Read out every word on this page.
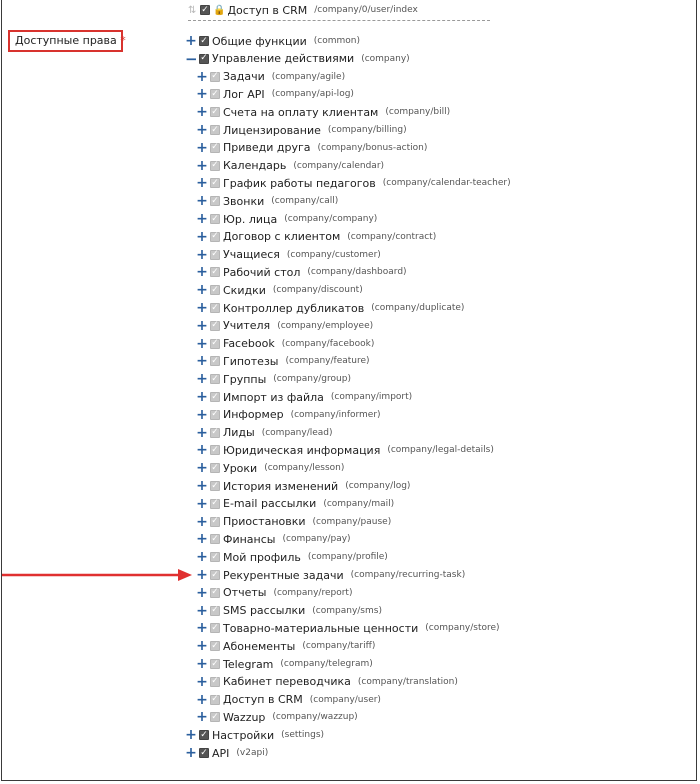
⇅ ✓ 🔒 Доступ в CRM /company/0/user/index
Доступные права *	+ ✓ Общие функции (common)
− ✓ Управление действиями (company)
+ ✓ Задачи (company/agile)
+ ✓ Лог API (company/api-log)
+ ✓ Счета на оплату клиентам (company/bill)
+ ✓ Лицензирование (company/billing)
+ ✓ Приведи друга (company/bonus-action)
+ ✓ Календарь (company/calendar)
+ ✓ График работы педагогов (company/calendar-teacher)
+ ✓ Звонки (company/call)
+ ✓ Юр. лица (company/company)
+ ✓ Договор с клиентом (company/contract)
+ ✓ Учащиеся (company/customer)
+ ✓ Рабочий стол (company/dashboard)
+ ✓ Скидки (company/discount)
+ ✓ Контроллер дубликатов (company/duplicate)
+ ✓ Учителя (company/employee)
+ ✓ Facebook (company/facebook)
+ ✓ Гипотезы (company/feature)
+ ✓ Группы (company/group)
+ ✓ Импорт из файла (company/import)
+ ✓ Информер (company/informer)
+ ✓ Лиды (company/lead)
+ ✓ Юридическая информация (company/legal-details)
+ ✓ Уроки (company/lesson)
+ ✓ История изменений (company/log)
+ ✓ E-mail рассылки (company/mail)
+ ✓ Приостановки (company/pause)
+ ✓ Финансы (company/pay)
+ ✓ Мой профиль (company/profile)
+ ✓ Рекурентные задачи (company/recurring-task)
+ ✓ Отчеты (company/report)
+ ✓ SMS рассылки (company/sms)
+ ✓ Товарно-материальные ценности (company/store)
+ ✓ Абонементы (company/tariff)
+ ✓ Telegram (company/telegram)
+ ✓ Кабинет переводчика (company/translation)
+ ✓ Доступ в CRM (company/user)
+ ✓ Wazzup (company/wazzup)
+ ✓ Настройки (settings)
+ ✓ API (v2api)
